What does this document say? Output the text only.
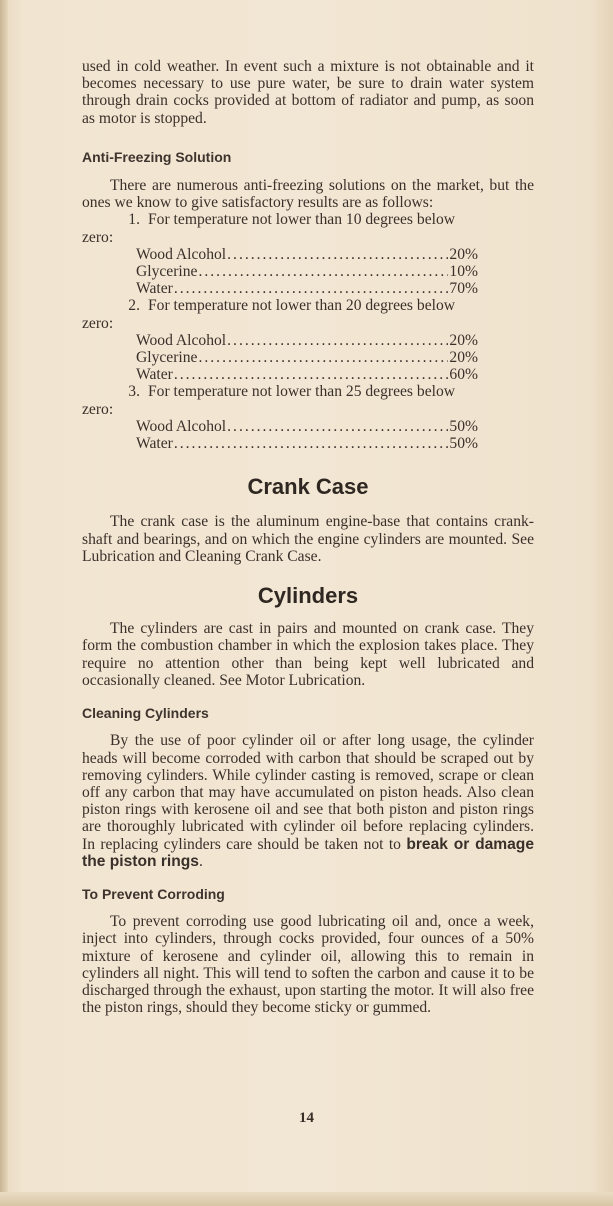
used in cold weather. In event such a mixture is not obtainable and it becomes necessary to use pure water, be sure to drain water system through drain cocks provided at bottom of radiator and pump, as soon as motor is stopped.

Anti-Freezing Solution

There are numerous anti-freezing solutions on the market, but the ones we know to give satisfactory results are as follows:

1. For temperature not lower than 10 degrees below

zero:

Wood Alcohol .....	20%
Glycerine .....	10%
Water .....	70%
2. For temperature not lower than 20 degrees below

zero:

Wood Alcohol .....	20%
Glycerine .....	20%
Water .....	60%
3. For temperature not lower than 25 degrees below

zero:

Wood Alcohol .....	50%
Water .....	50%

Crank Case

The crank case is the aluminum engine-base that contains crank-shaft and bearings, and on which the engine cylinders are mounted. See Lubrication and Cleaning Crank Case.

Cylinders

The cylinders are cast in pairs and mounted on crank case. They form the combustion chamber in which the explosion takes place. They require no attention other than being kept well lubricated and occasionally cleaned. See Motor Lubrication.

Cleaning Cylinders

By the use of poor cylinder oil or after long usage, the cylinder heads will become corroded with carbon that should be scraped out by removing cylinders. While cylinder casting is removed, scrape or clean off any carbon that may have accumulated on piston heads. Also clean piston rings with kerosene oil and see that both piston and piston rings are thoroughly lubricated with cylinder oil before replacing cylinders. In replacing cylinders care should be taken not to break or damage the piston rings.

To Prevent Corroding

To prevent corroding use good lubricating oil and, once a week, inject into cylinders, through cocks provided, four ounces of a 50% mixture of kerosene and cylinder oil, allowing this to remain in cylinders all night. This will tend to soften the carbon and cause it to be discharged through the exhaust, upon starting the motor. It will also free the piston rings, should they become sticky or gummed.

14
